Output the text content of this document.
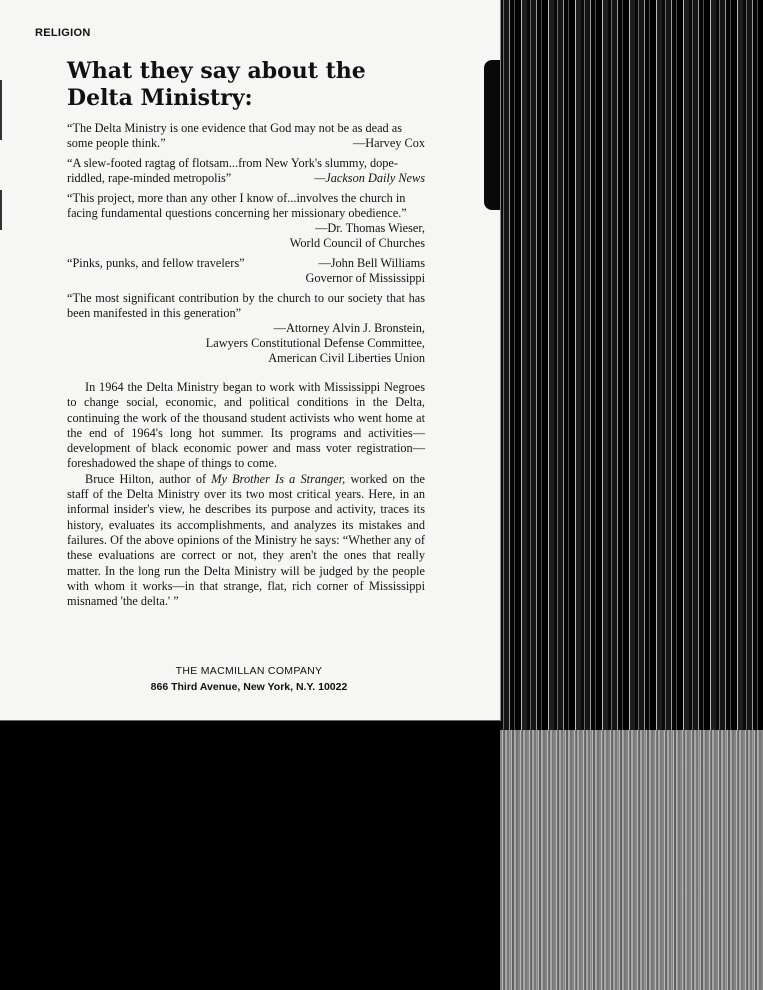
RELIGION
What they say about the
Delta Ministry:
“The Delta Ministry is one evidence that God may not be as dead as some people think.”	—Harvey Cox
“A slew-footed ragtag of flotsam...from New York's slummy, dope-riddled, rape-minded metropolis”	—Jackson Daily News
“This project, more than any other I know of...involves the church in facing fundamental questions concerning her missionary obedience.”
—Dr. Thomas Wieser,
World Council of Churches
“Pinks, punks, and fellow travelers”	—John Bell Williams
Governor of Mississippi
“The most significant contribution by the church to our society that has been manifested in this generation”
—Attorney Alvin J. Bronstein,
Lawyers Constitutional Defense Committee,
American Civil Liberties Union

In 1964 the Delta Ministry began to work with Mississippi Negroes to change social, economic, and political conditions in the Delta, continuing the work of the thousand student activists who went home at the end of 1964's long hot summer. Its programs and activities—development of black economic power and mass voter registration—foreshadowed the shape of things to come.

Bruce Hilton, author of My Brother Is a Stranger, worked on the staff of the Delta Ministry over its two most critical years. Here, in an informal insider's view, he describes its purpose and activity, traces its history, evaluates its accomplishments, and analyzes its mistakes and failures. Of the above opinions of the Ministry he says: “Whether any of these evaluations are correct or not, they aren't the ones that really matter. In the long run the Delta Ministry will be judged by the people with whom it works—in that strange, flat, rich corner of Mississippi misnamed 'the delta.' ”

THE MACMILLAN COMPANY
866 Third Avenue, New York, N.Y. 10022
